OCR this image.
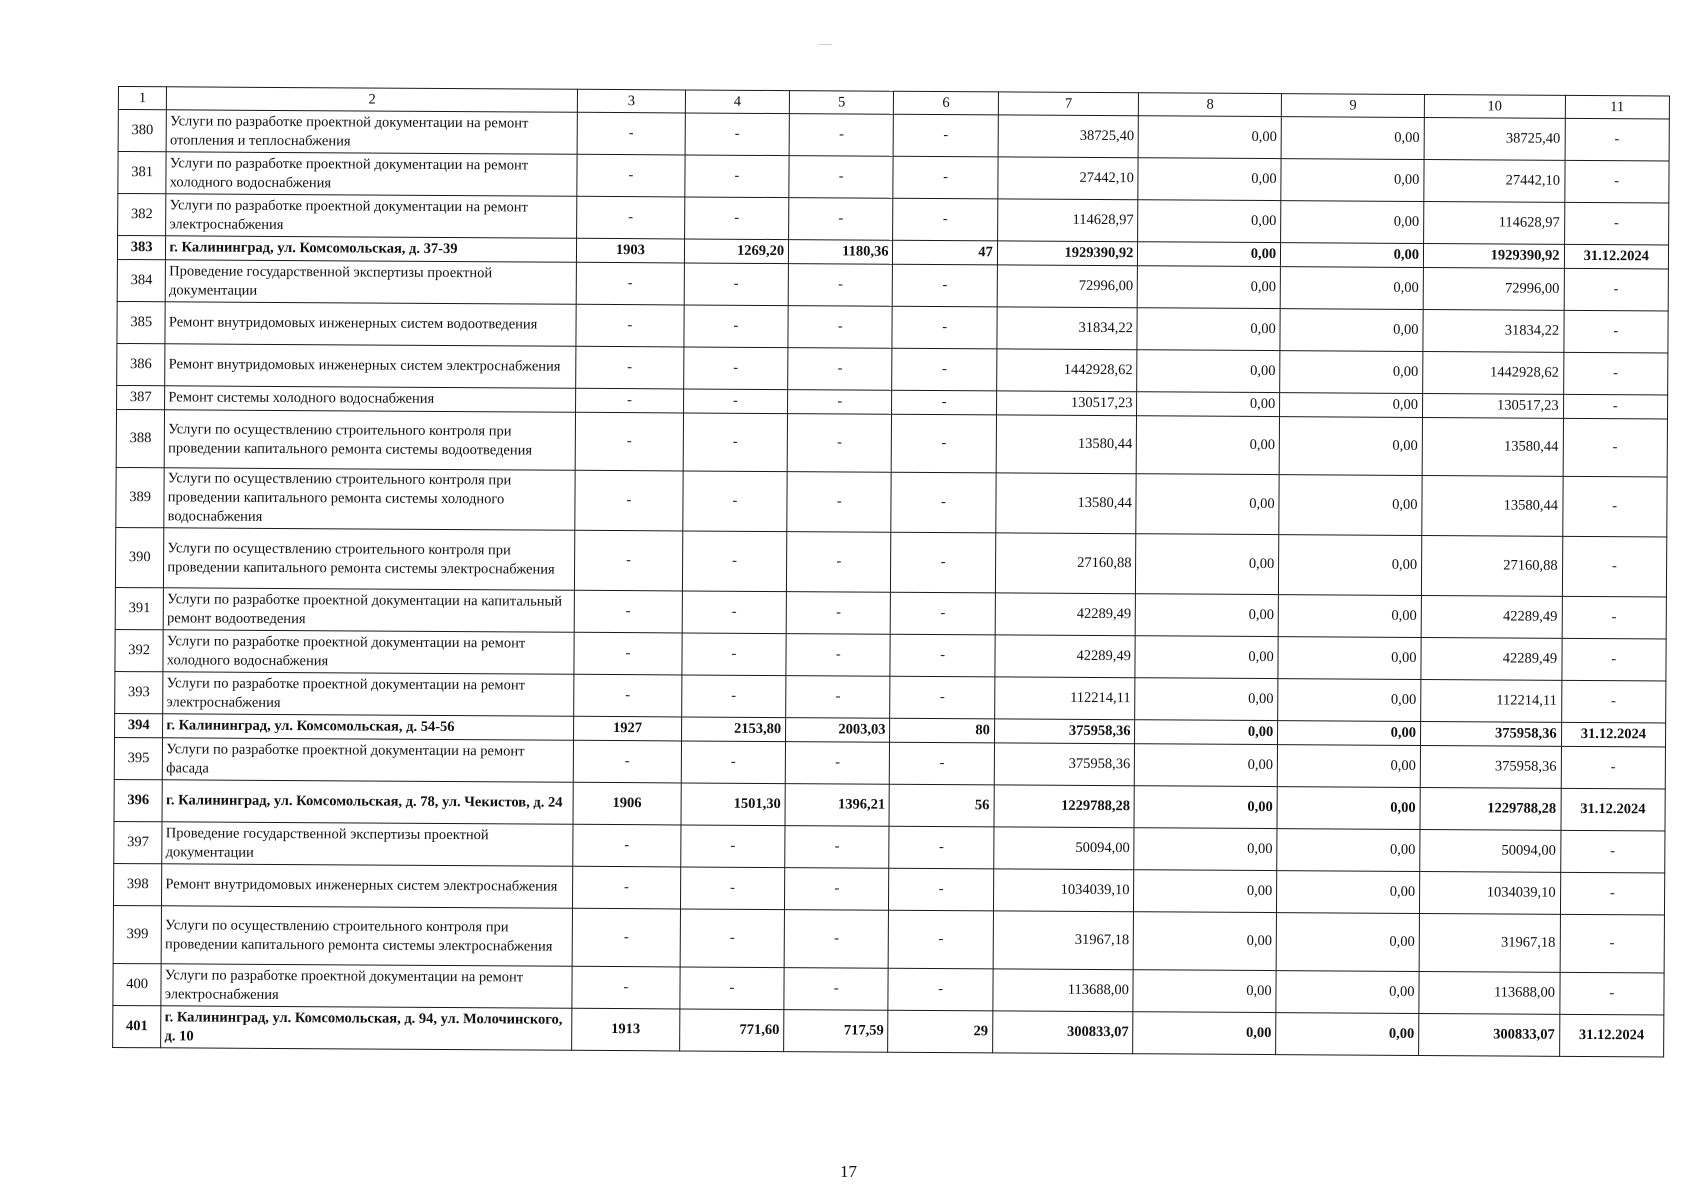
1	2	3	4	5	6	7	8	9	10	11
380	Услуги по разработке проектной документации на ремонт отопления и теплоснабжения	-	-	-	-	38725,40	0,00	0,00	38725,40	-
381	Услуги по разработке проектной документации на ремонт холодного водоснабжения	-	-	-	-	27442,10	0,00	0,00	27442,10	-
382	Услуги по разработке проектной документации на ремонт электроснабжения	-	-	-	-	114628,97	0,00	0,00	114628,97	-
383	г. Калининград, ул. Комсомольская, д. 37-39	1903	1269,20	1180,36	47	1929390,92	0,00	0,00	1929390,92	31.12.2024
384	Проведение государственной экспертизы проектной документации	-	-	-	-	72996,00	0,00	0,00	72996,00	-
385	Ремонт внутридомовых инженерных систем водоотведения	-	-	-	-	31834,22	0,00	0,00	31834,22	-
386	Ремонт внутридомовых инженерных систем электроснабжения	-	-	-	-	1442928,62	0,00	0,00	1442928,62	-
387	Ремонт системы холодного водоснабжения	-	-	-	-	130517,23	0,00	0,00	130517,23	-
388	Услуги по осуществлению строительного контроля при проведении капитального ремонта системы водоотведения	-	-	-	-	13580,44	0,00	0,00	13580,44	-
389	Услуги по осуществлению строительного контроля при проведении капитального ремонта системы холодного водоснабжения	-	-	-	-	13580,44	0,00	0,00	13580,44	-
390	Услуги по осуществлению строительного контроля при проведении капитального ремонта системы электроснабжения	-	-	-	-	27160,88	0,00	0,00	27160,88	-
391	Услуги по разработке проектной документации на капитальный ремонт водоотведения	-	-	-	-	42289,49	0,00	0,00	42289,49	-
392	Услуги по разработке проектной документации на ремонт холодного водоснабжения	-	-	-	-	42289,49	0,00	0,00	42289,49	-
393	Услуги по разработке проектной документации на ремонт электроснабжения	-	-	-	-	112214,11	0,00	0,00	112214,11	-
394	г. Калининград, ул. Комсомольская, д. 54-56	1927	2153,80	2003,03	80	375958,36	0,00	0,00	375958,36	31.12.2024
395	Услуги по разработке проектной документации на ремонт фасада	-	-	-	-	375958,36	0,00	0,00	375958,36	-
396	г. Калининград, ул. Комсомольская, д. 78, ул. Чекистов, д. 24	1906	1501,30	1396,21	56	1229788,28	0,00	0,00	1229788,28	31.12.2024
397	Проведение государственной экспертизы проектной документации	-	-	-	-	50094,00	0,00	0,00	50094,00	-
398	Ремонт внутридомовых инженерных систем электроснабжения	-	-	-	-	1034039,10	0,00	0,00	1034039,10	-
399	Услуги по осуществлению строительного контроля при проведении капитального ремонта системы электроснабжения	-	-	-	-	31967,18	0,00	0,00	31967,18	-
400	Услуги по разработке проектной документации на ремонт электроснабжения	-	-	-	-	113688,00	0,00	0,00	113688,00	-
401	г. Калининград, ул. Комсомольская, д. 94, ул. Молочинского, д. 10	1913	771,60	717,59	29	300833,07	0,00	0,00	300833,07	31.12.2024
17
